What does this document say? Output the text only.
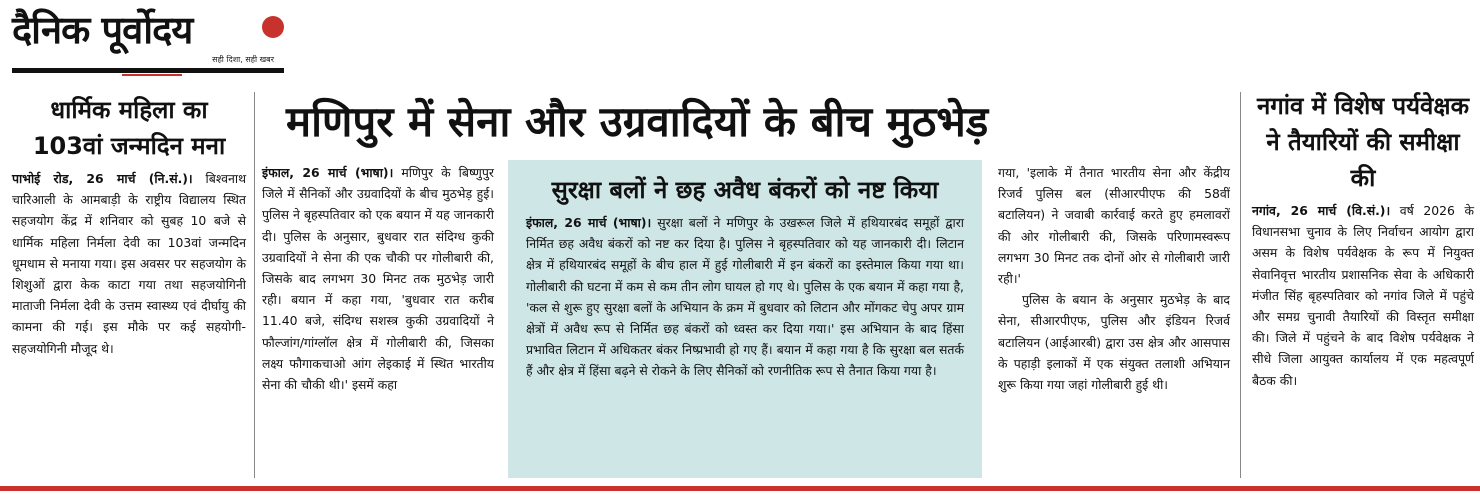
दैनिक पूर्वोदय
सही दिशा, सही खबर
मणिपुर में सेना और उग्रवादियों के बीच मुठभेड़

धार्मिक महिला का 103वां जन्मदिन मना

पाभोई रोड, 26 मार्च (नि.सं.)। बिश्वनाथ चारिआली के आमबाड़ी के राष्ट्रीय विद्यालय स्थित सहजयोग केंद्र में शनिवार को सुबह 10 बजे से धार्मिक महिला निर्मला देवी का 103वां जन्मदिन धूमधाम से मनाया गया। इस अवसर पर सहजयोग के शिशुओं द्वारा केक काटा गया तथा सहजयोगिनी माताजी निर्मला देवी के उत्तम स्वास्थ्य एवं दीर्घायु की कामना की गई। इस मौके पर कई सहयोगी-सहजयोगिनी मौजूद थे।

इंफाल, 26 मार्च (भाषा)। मणिपुर के बिष्णुपुर जिले में सैनिकों और उग्रवादियों के बीच मुठभेड़ हुई। पुलिस ने बृहस्पतिवार को एक बयान में यह जानकारी दी। पुलिस के अनुसार, बुधवार रात संदिग्ध कुकी उग्रवादियों ने सेना की एक चौकी पर गोलीबारी की, जिसके बाद लगभग 30 मिनट तक मुठभेड़ जारी रही। बयान में कहा गया, 'बुधवार रात करीब 11.40 बजे, संदिग्ध सशस्त्र कुकी उग्रवादियों ने फौल्जांग/गांग्लॉल क्षेत्र में गोलीबारी की, जिसका लक्ष्य फौगाकचाओ आंग लेइकाई में स्थित भारतीय सेना की चौकी थी।' इसमें कहा

सुरक्षा बलों ने छह अवैध बंकरों को नष्ट किया

इंफाल, 26 मार्च (भाषा)। सुरक्षा बलों ने मणिपुर के उखरूल जिले में हथियारबंद समूहों द्वारा निर्मित छह अवैध बंकरों को नष्ट कर दिया है। पुलिस ने बृहस्पतिवार को यह जानकारी दी। लिटान क्षेत्र में हथियारबंद समूहों के बीच हाल में हुई गोलीबारी में इन बंकरों का इस्तेमाल किया गया था। गोलीबारी की घटना में कम से कम तीन लोग घायल हो गए थे। पुलिस के एक बयान में कहा गया है, 'कल से शुरू हुए सुरक्षा बलों के अभियान के क्रम में बुधवार को लिटान और मोंगकट चेपु अपर ग्राम क्षेत्रों में अवैध रूप से निर्मित छह बंकरों को ध्वस्त कर दिया गया।' इस अभियान के बाद हिंसा प्रभावित लिटान में अधिकतर बंकर निष्प्रभावी हो गए हैं। बयान में कहा गया है कि सुरक्षा बल सतर्क हैं और क्षेत्र में हिंसा बढ़ने से रोकने के लिए सैनिकों को रणनीतिक रूप से तैनात किया गया है।

गया, 'इलाके में तैनात भारतीय सेना और केंद्रीय रिजर्व पुलिस बल (सीआरपीएफ की 58वीं बटालियन) ने जवाबी कार्रवाई करते हुए हमलावरों की ओर गोलीबारी की, जिसके परिणामस्वरूप लगभग 30 मिनट तक दोनों ओर से गोलीबारी जारी रही।'

पुलिस के बयान के अनुसार मुठभेड़ के बाद सेना, सीआरपीएफ, पुलिस और इंडियन रिजर्व बटालियन (आईआरबी) द्वारा उस क्षेत्र और आसपास के पहाड़ी इलाकों में एक संयुक्त तलाशी अभियान शुरू किया गया जहां गोलीबारी हुई थी।

नगांव में विशेष पर्यवेक्षक ने तैयारियों की समीक्षा की

नगांव, 26 मार्च (वि.सं.)। वर्ष 2026 के विधानसभा चुनाव के लिए निर्वाचन आयोग द्वारा असम के विशेष पर्यवेक्षक के रूप में नियुक्त सेवानिवृत्त भारतीय प्रशासनिक सेवा के अधिकारी मंजीत सिंह बृहस्पतिवार को नगांव जिले में पहुंचे और समग्र चुनावी तैयारियों की विस्तृत समीक्षा की। जिले में पहुंचने के बाद विशेष पर्यवेक्षक ने सीधे जिला आयुक्त कार्यालय में एक महत्वपूर्ण बैठक की।
